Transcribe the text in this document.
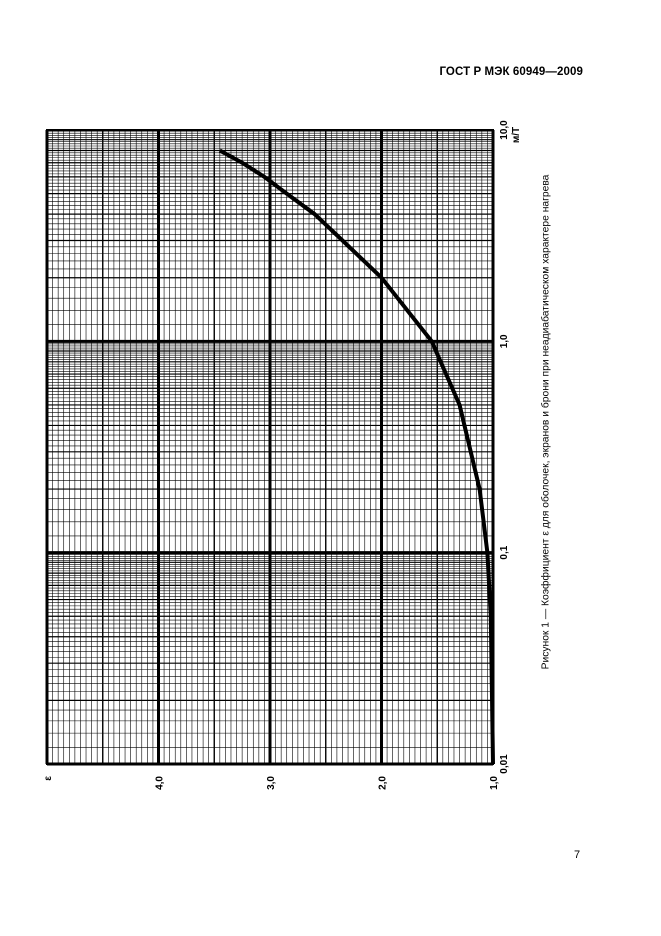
ГОСТ Р МЭК 60949—2009
0,01
0,1
1,0
10,0
1,0
2,0
3,0
4,0
ε
м/Т
Рисунок 1 — Коэффициент ε для оболочек, экранов и брони при неадиабатическом характере нагрева
7
